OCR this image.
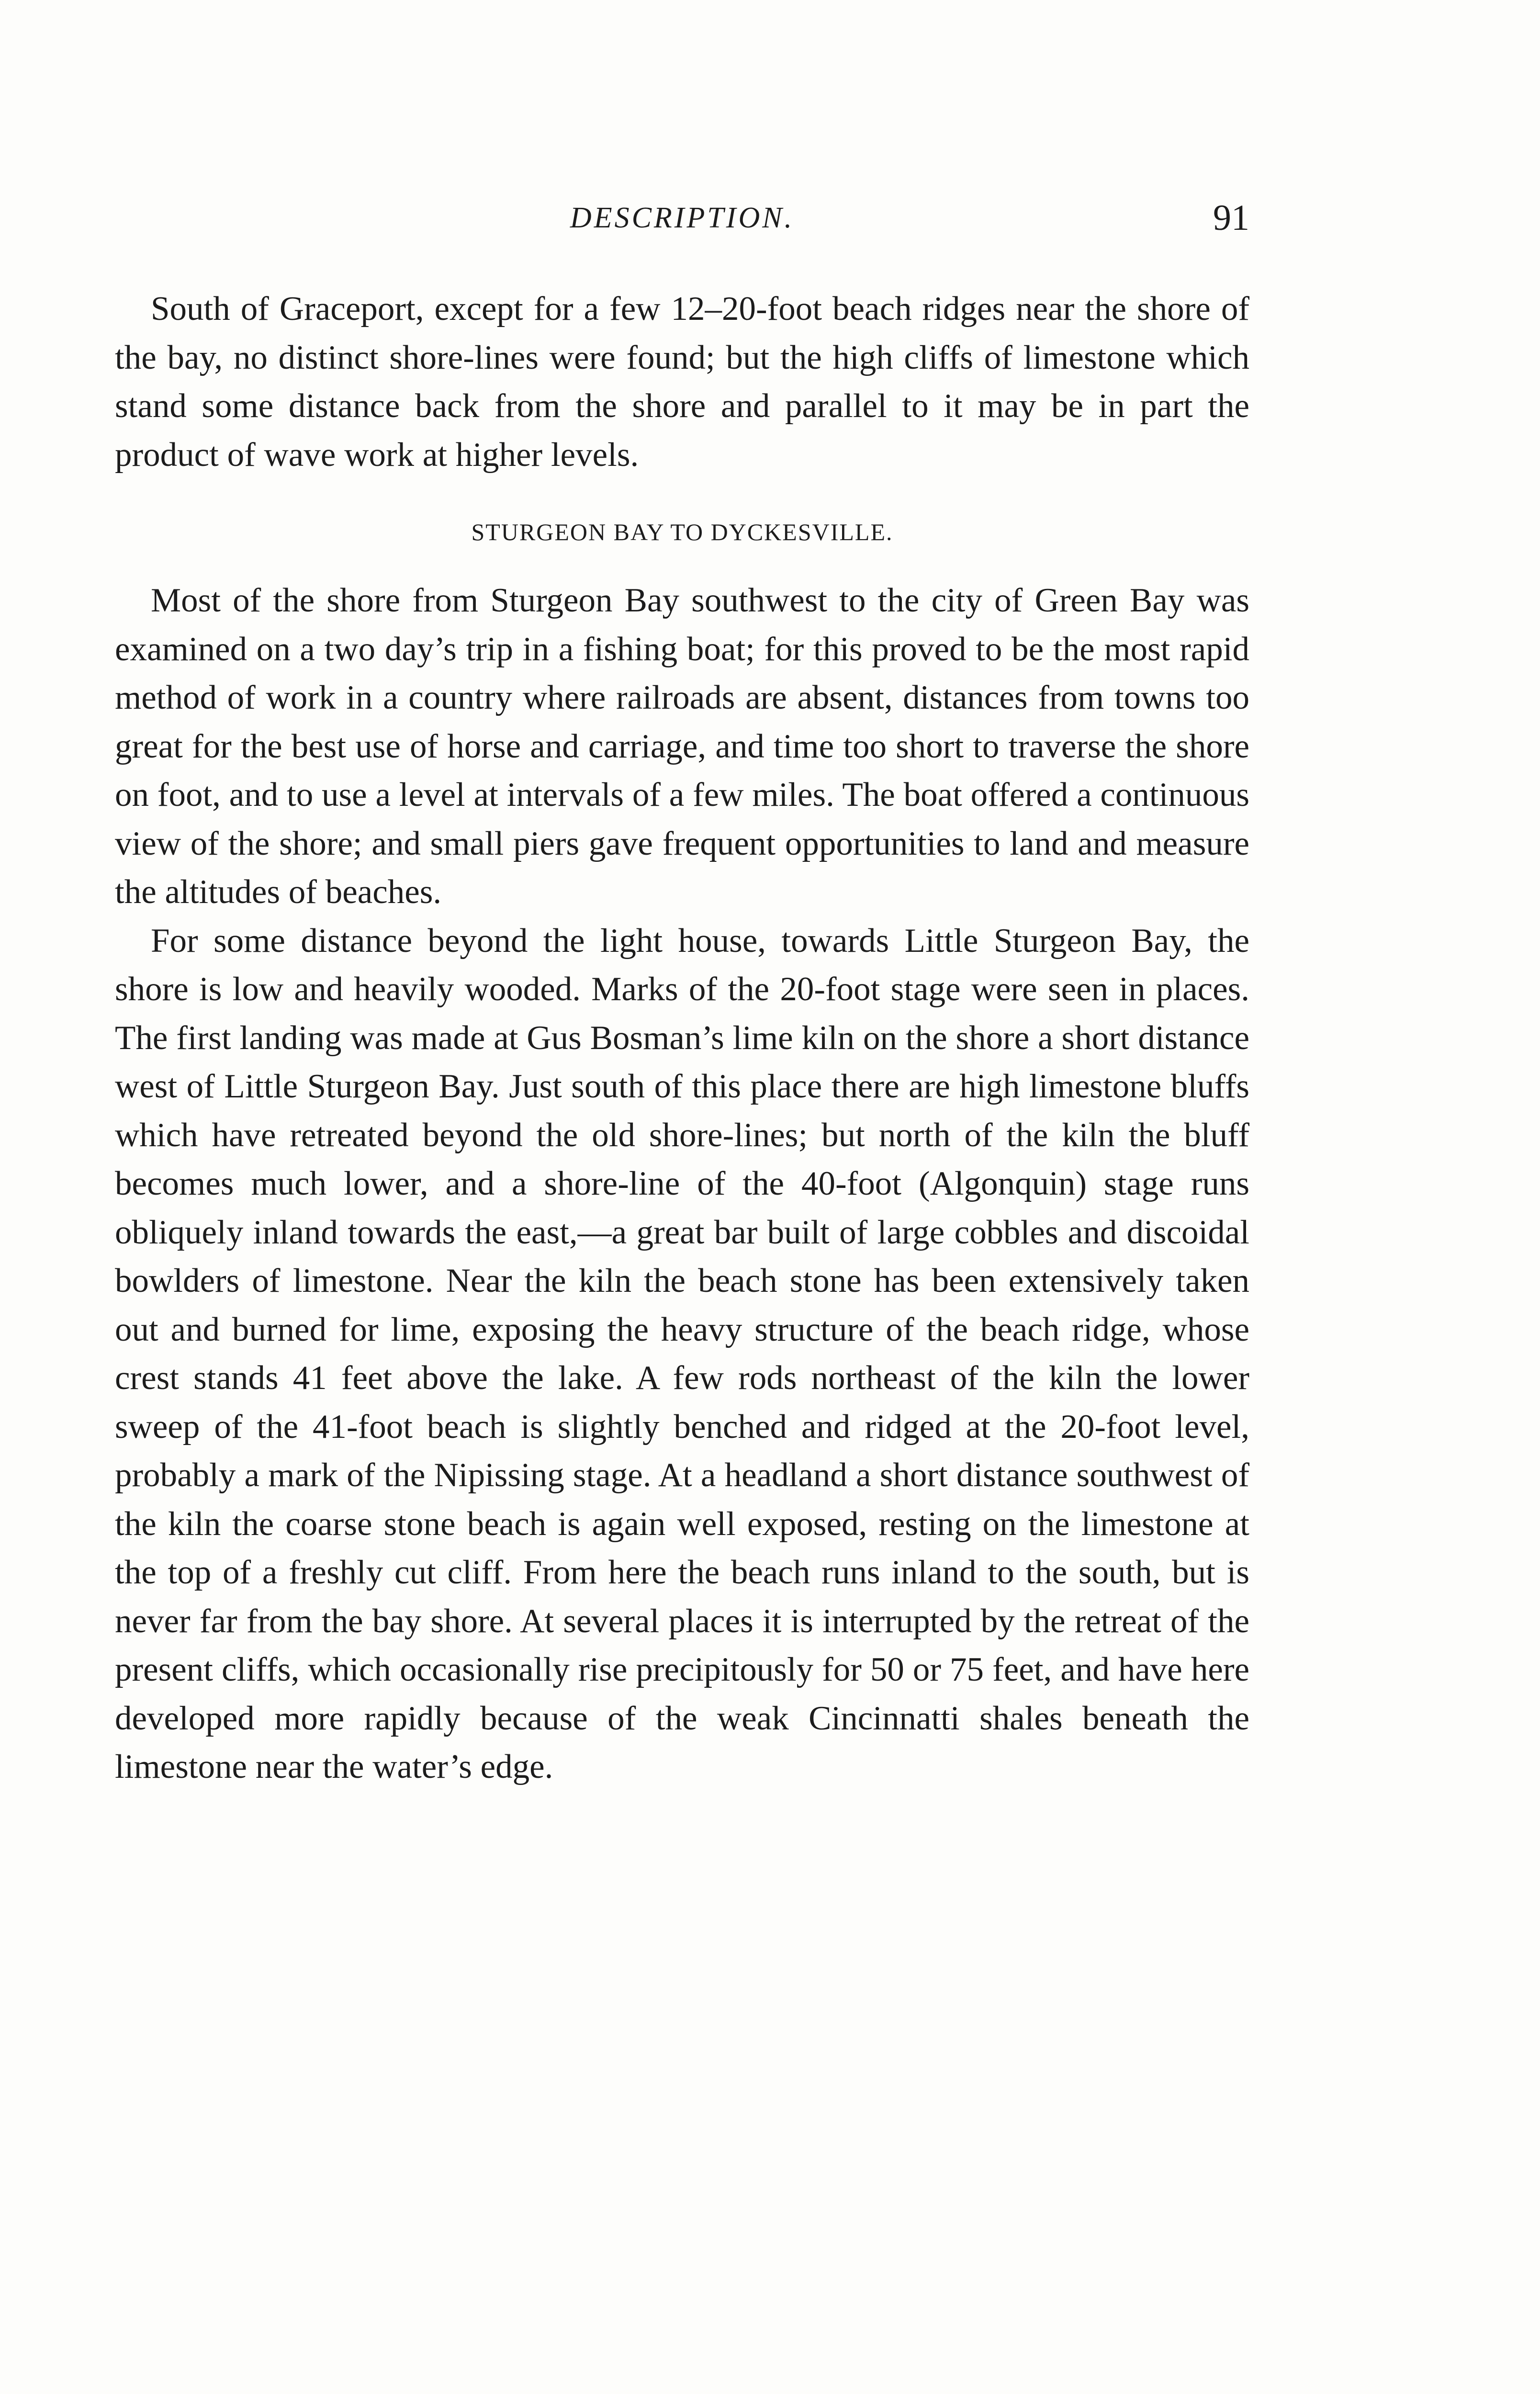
DESCRIPTION.	91

South of Graceport, except for a few 12–20-foot beach ridges near the shore of the bay, no distinct shore-lines were found; but the high cliffs of limestone which stand some distance back from the shore and parallel to it may be in part the product of wave work at higher levels.

STURGEON BAY TO DYCKESVILLE.

Most of the shore from Sturgeon Bay southwest to the city of Green Bay was examined on a two day’s trip in a fishing boat; for this proved to be the most rapid method of work in a country where railroads are absent, distances from towns too great for the best use of horse and carriage, and time too short to traverse the shore on foot, and to use a level at intervals of a few miles. The boat offered a continuous view of the shore; and small piers gave frequent opportunities to land and measure the altitudes of beaches.

For some distance beyond the light house, towards Little Sturgeon Bay, the shore is low and heavily wooded. Marks of the 20-foot stage were seen in places. The first landing was made at Gus Bosman’s lime kiln on the shore a short distance west of Little Sturgeon Bay. Just south of this place there are high limestone bluffs which have retreated beyond the old shore-lines; but north of the kiln the bluff becomes much lower, and a shore-line of the 40-foot (Algonquin) stage runs obliquely inland towards the east,—a great bar built of large cobbles and discoidal bowlders of limestone. Near the kiln the beach stone has been extensively taken out and burned for lime, exposing the heavy structure of the beach ridge, whose crest stands 41 feet above the lake. A few rods northeast of the kiln the lower sweep of the 41-foot beach is slightly benched and ridged at the 20-foot level, probably a mark of the Nipissing stage. At a headland a short distance southwest of the kiln the coarse stone beach is again well exposed, resting on the limestone at the top of a freshly cut cliff. From here the beach runs inland to the south, but is never far from the bay shore. At several places it is interrupted by the retreat of the present cliffs, which occasionally rise precipitously for 50 or 75 feet, and have here developed more rapidly because of the weak Cincinnatti shales beneath the limestone near the water’s edge.
